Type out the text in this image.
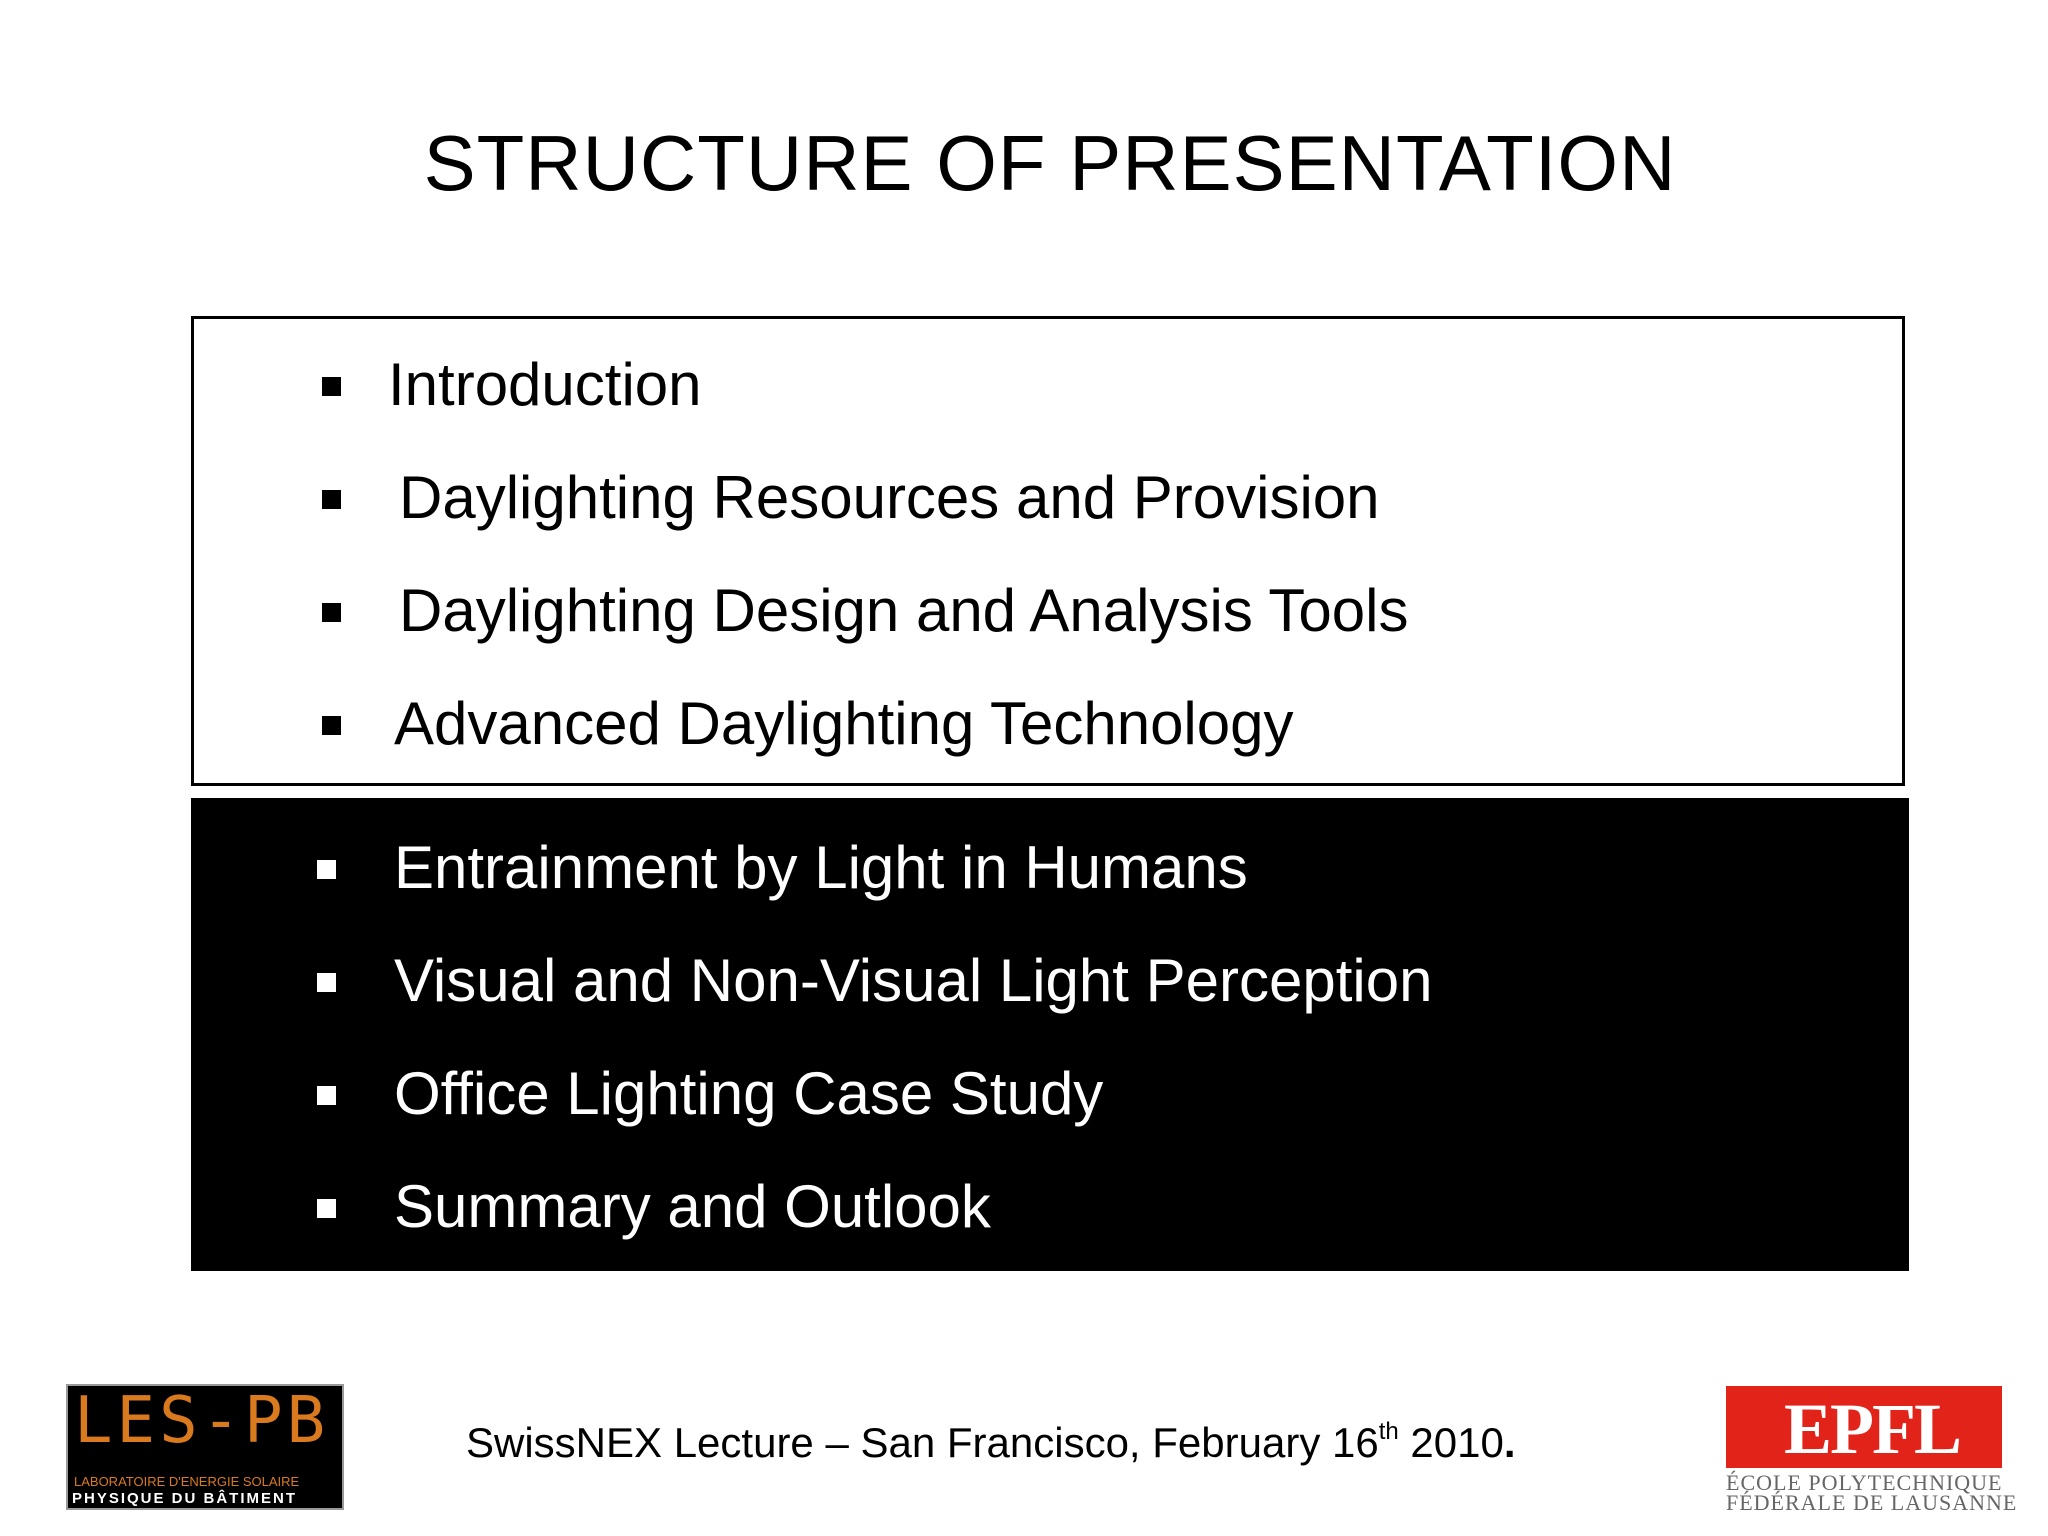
STRUCTURE OF PRESENTATION
Introduction
Daylighting Resources and Provision
Daylighting Design and Analysis Tools
Advanced Daylighting Technology
Entrainment by Light in Humans
Visual and Non-Visual Light Perception
Office Lighting Case Study
Summary and Outlook
LES-PB
LABORATOIRE D'ENERGIE SOLAIRE
PHYSIQUE DU BÂTIMENT
SwissNEX Lecture – San Francisco, February 16th 2010.	EPFL
ÉCOLE POLYTECHNIQUE
FÉDÉRALE DE LAUSANNE
